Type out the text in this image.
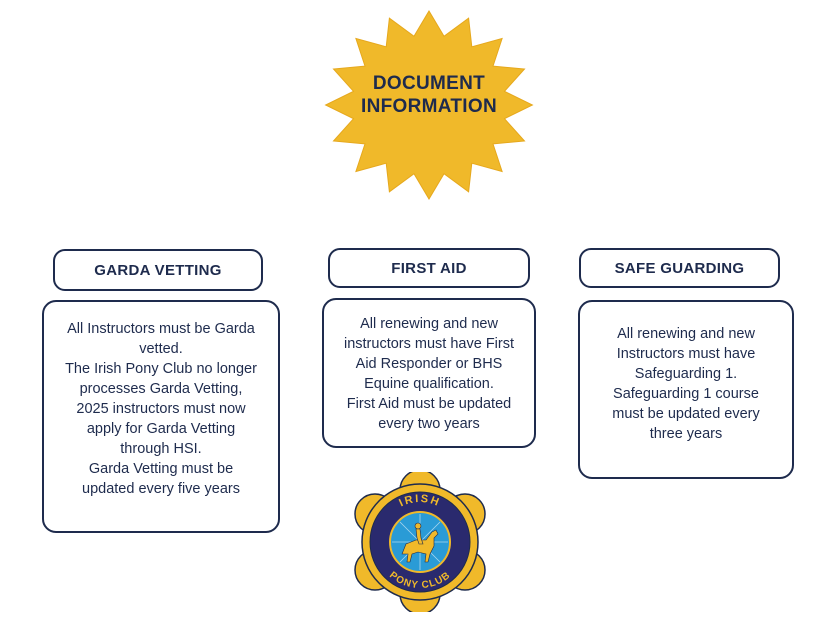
DOCUMENT
INFORMATION
GARDA VETTING

All Instructors must be Garda

vetted.

The Irish Pony Club no longer

processes Garda Vetting,

2025 instructors must now

apply for Garda Vetting

through HSI.

Garda Vetting must be

updated every five years

FIRST AID

All renewing and new

instructors must have First

Aid Responder or BHS

Equine qualification.

First Aid must be updated

every two years

SAFE GUARDING

All renewing and new

Instructors must have

Safeguarding 1.

Safeguarding 1 course

must be updated every

three years

IRISH
PONY CLUB
